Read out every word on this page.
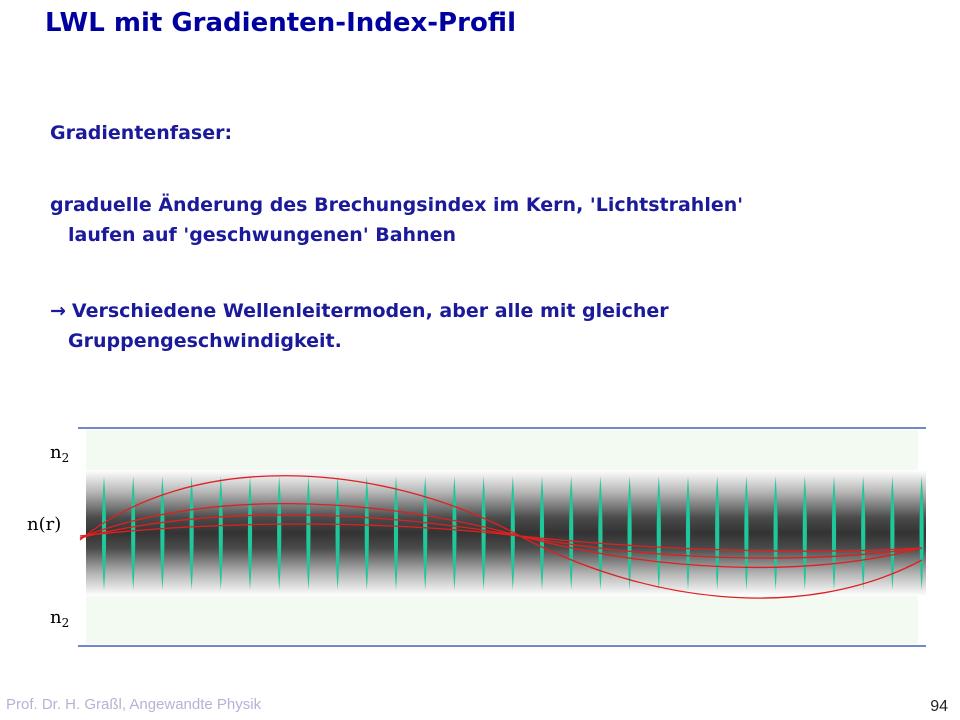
LWL mit Gradienten-Index-Profil
Gradientenfaser:
graduelle Änderung des Brechungsindex im Kern, 'Lichtstrahlen'
laufen auf 'geschwungenen' Bahnen
→ Verschiedene Wellenleitermoden, aber alle mit gleicher
Gruppengeschwindigkeit.
$n_2$
n(r)
$n_2$
Prof. Dr. H. Graßl, Angewandte Physik	94
